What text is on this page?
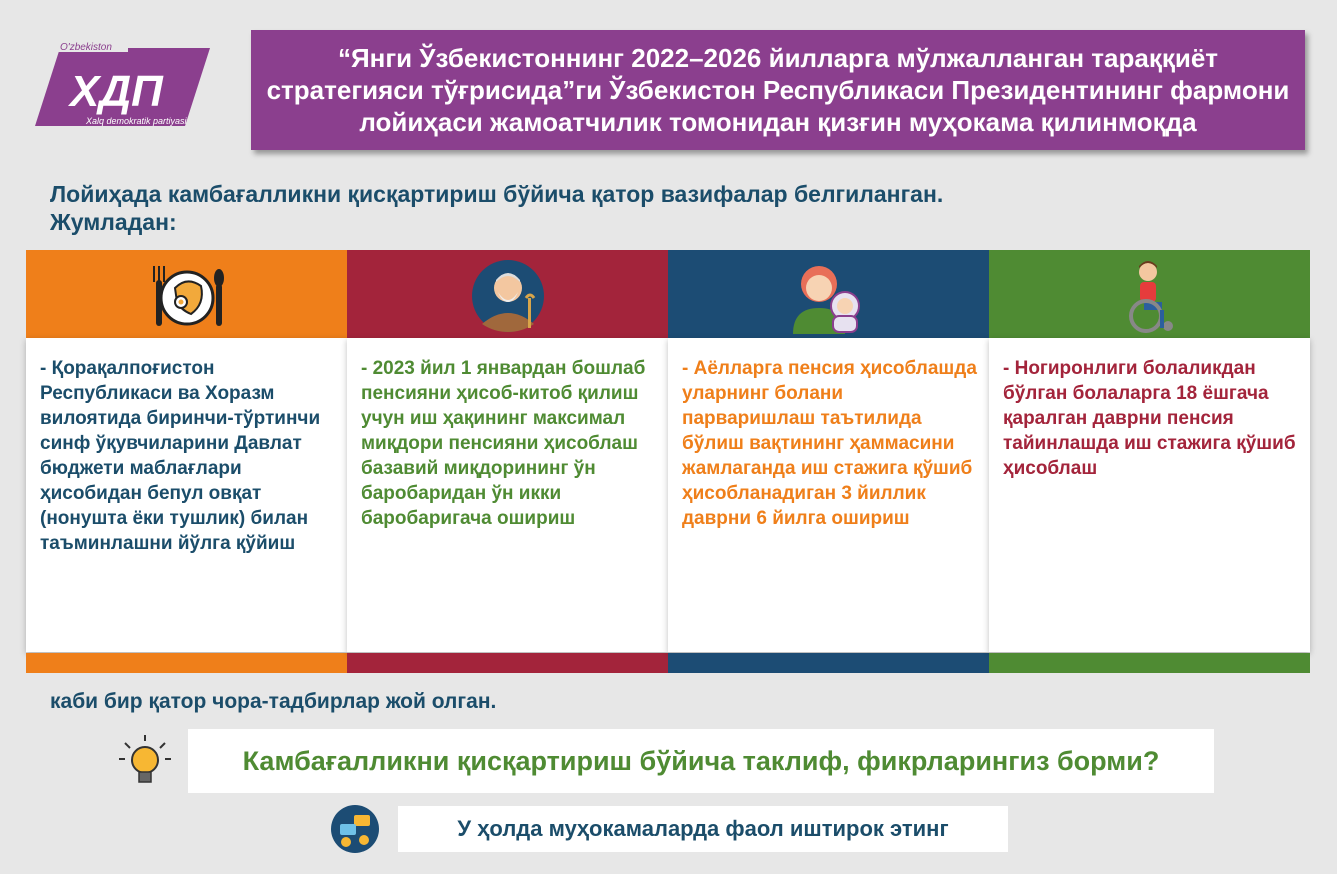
O'zbekiston
ХДП
Xalq demokratik partiyasi
“Янги Ўзбекистоннинг 2022–2026 йилларга мўлжалланган тараққиёт стратегияси тўғрисида”ги Ўзбекистон Республикаси Президентининг фармони лойиҳаси жамоатчилик томонидан қизғин муҳокама қилинмоқда
Лойиҳада камбағалликни қисқартириш бўйича қатор вазифалар белгиланган.
Жумладан:

- Қорақалпоғистон Республикаси ва Хоразм вилоятида биринчи-тўртинчи синф ўқувчиларини Давлат бюджети маблағлари ҳисобидан бепул овқат (нонушта ёки тушлик) билан таъминлашни йўлга қўйиш

- 2023 йил 1 январдан бошлаб пенсияни ҳисоб-китоб қилиш учун иш ҳақининг максимал миқдори пенсияни ҳисоблаш базавий миқдорининг ўн баробаридан ўн икки баробаригача ошириш

- Аёлларга пенсия ҳисоблашда уларнинг болани парваришлаш таътилида бўлиш вақтининг ҳаммасини жамлаганда иш стажига қўшиб ҳисобланадиган 3 йиллик даврни 6 йилга ошириш

- Ногиронлиги болаликдан бўлган болаларга 18 ёшгача қаралган даврни пенсия тайинлашда иш стажига қўшиб ҳисоблаш

каби бир қатор чора-тадбирлар жой олган.
Камбағалликни қисқартириш бўйича таклиф, фикрларингиз борми?
У ҳолда муҳокамаларда фаол иштирок этинг
